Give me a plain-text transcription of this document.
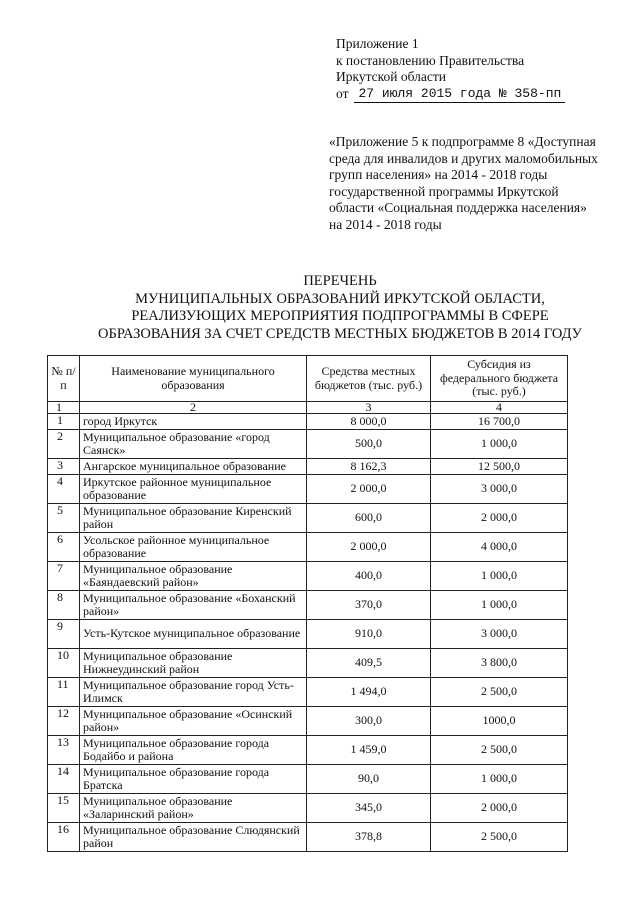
Приложение 1
к постановлению Правительства
Иркутской области
от 27 июля 2015 года № 358-пп
«Приложение 5 к подпрограмме 8 «Доступная среда для инвалидов и других маломобильных групп населения» на 2014 - 2018 годы государственной программы Иркутской области «Социальная поддержка населения» на 2014 - 2018 годы
ПЕРЕЧЕНЬ
МУНИЦИПАЛЬНЫХ ОБРАЗОВАНИЙ ИРКУТСКОЙ ОБЛАСТИ,
РЕАЛИЗУЮЩИХ МЕРОПРИЯТИЯ ПОДПРОГРАММЫ В СФЕРЕ
ОБРАЗОВАНИЯ ЗА СЧЕТ СРЕДСТВ МЕСТНЫХ БЮДЖЕТОВ В 2014 ГОДУ
№ п/п	Наименование муниципального образования	Средства местных бюджетов (тыс. руб.)	Субсидия из федерального бюджета (тыс. руб.)
1	2	3	4
1	город Иркутск	8 000,0	16 700,0
2	Муниципальное образование «город Саянск»	500,0	1 000,0
3	Ангарское муниципальное образование	8 162,3	12 500,0
4	Иркутское районное муниципальное образование	2 000,0	3 000,0
5	Муниципальное образование Киренский район	600,0	2 000,0
6	Усольское районное муниципальное образование	2 000,0	4 000,0
7	Муниципальное образование «Баяндаевский район»	400,0	1 000,0
8	Муниципальное образование «Боханский район»	370,0	1 000,0
9	Усть-Кутское муниципальное образование	910,0	3 000,0
10	Муниципальное образование Нижнеудинский район	409,5	3 800,0
11	Муниципальное образование город Усть-Илимск	1 494,0	2 500,0
12	Муниципальное образование «Осинский район»	300,0	1000,0
13	Муниципальное образование города Бодайбо и района	1 459,0	2 500,0
14	Муниципальное образование города Братска	90,0	1 000,0
15	Муниципальное образование «Заларинский район»	345,0	2 000,0
16	Муниципальное образование Слюдянский район	378,8	2 500,0
